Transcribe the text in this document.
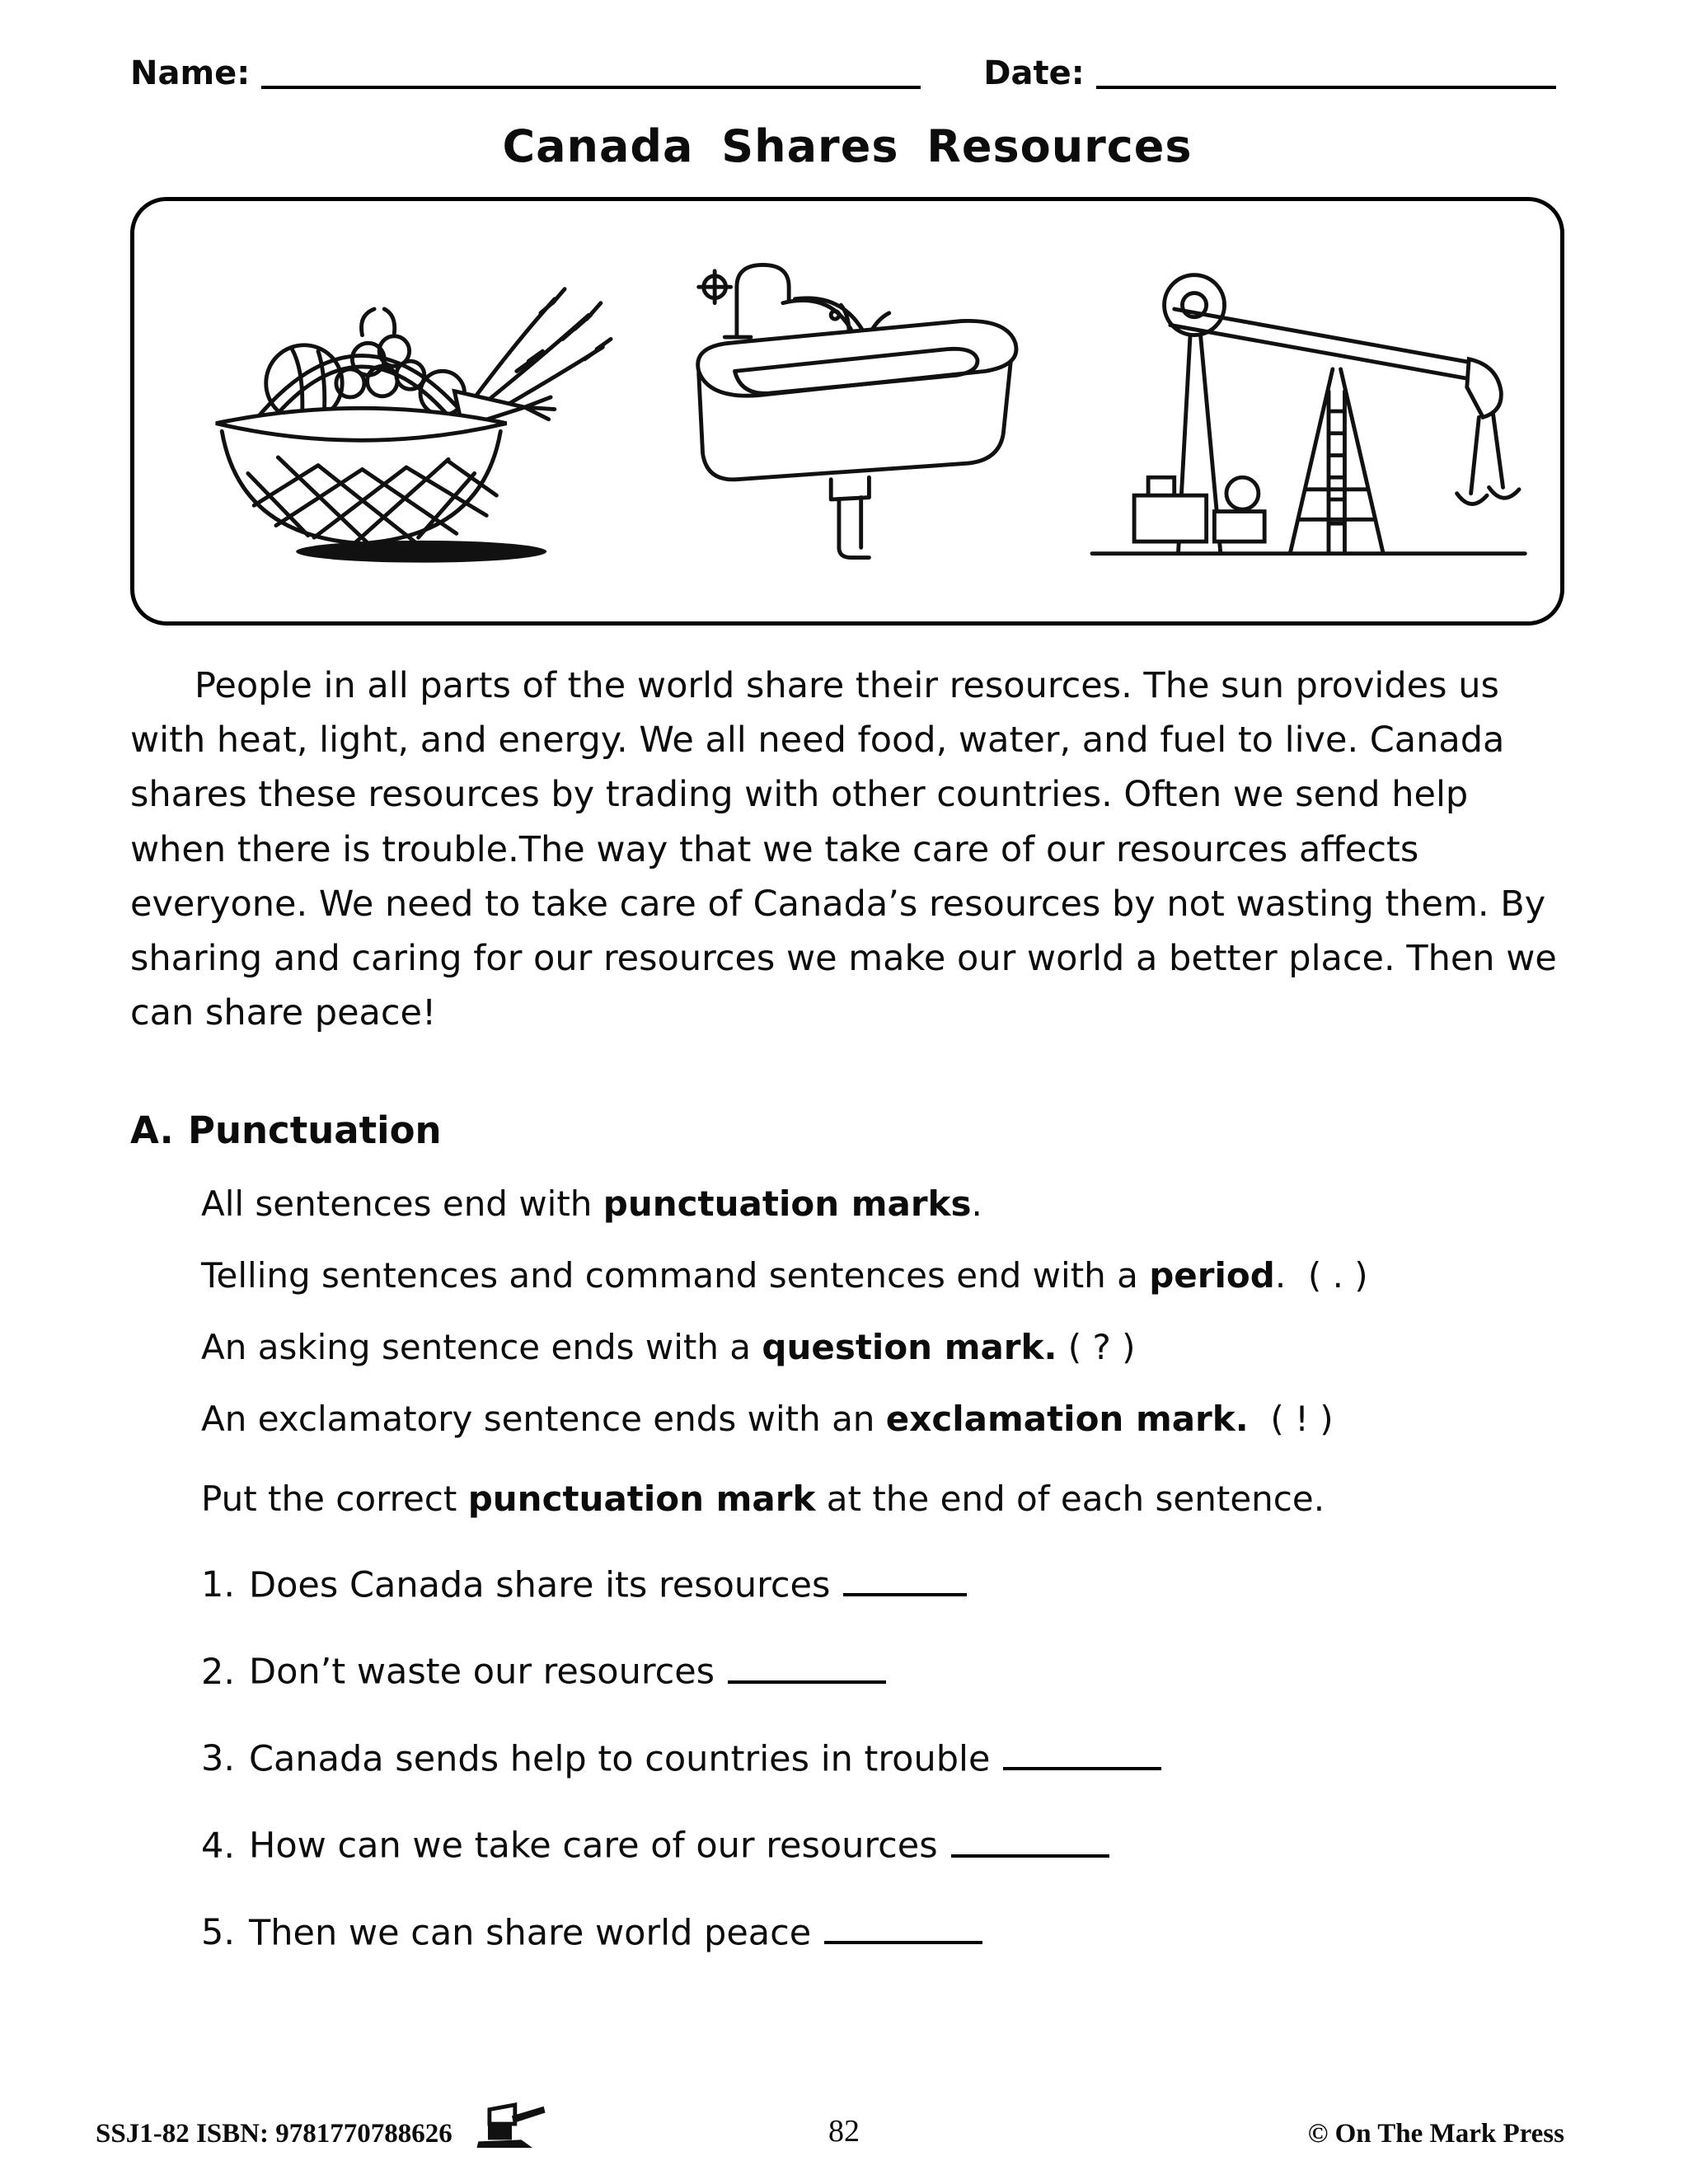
Name:	Date:
Canada Shares Resources

People in all parts of the world share their resources. The sun provides us with heat, light, and energy. We all need food, water, and fuel to live. Canada shares these resources by trading with other countries. Often we send help when there is trouble.The way that we take care of our resources affects everyone. We need to take care of Canada’s resources by not wasting them. By sharing and caring for our resources we make our world a better place. Then we can share peace!

A. Punctuation
All sentences end with punctuation marks.
Telling sentences and command sentences end with a period.  ( . )
An asking sentence ends with a question mark. ( ? )
An exclamatory sentence ends with an exclamation mark.  ( ! )
Put the correct punctuation mark at the end of each sentence.
1. Does Canada share its resources
2. Don’t waste our resources
3. Canada sends help to countries in trouble
4. How can we take care of our resources
5. Then we can share world peace
SSJ1-82 ISBN: 9781770788626	82	© On The Mark Press
